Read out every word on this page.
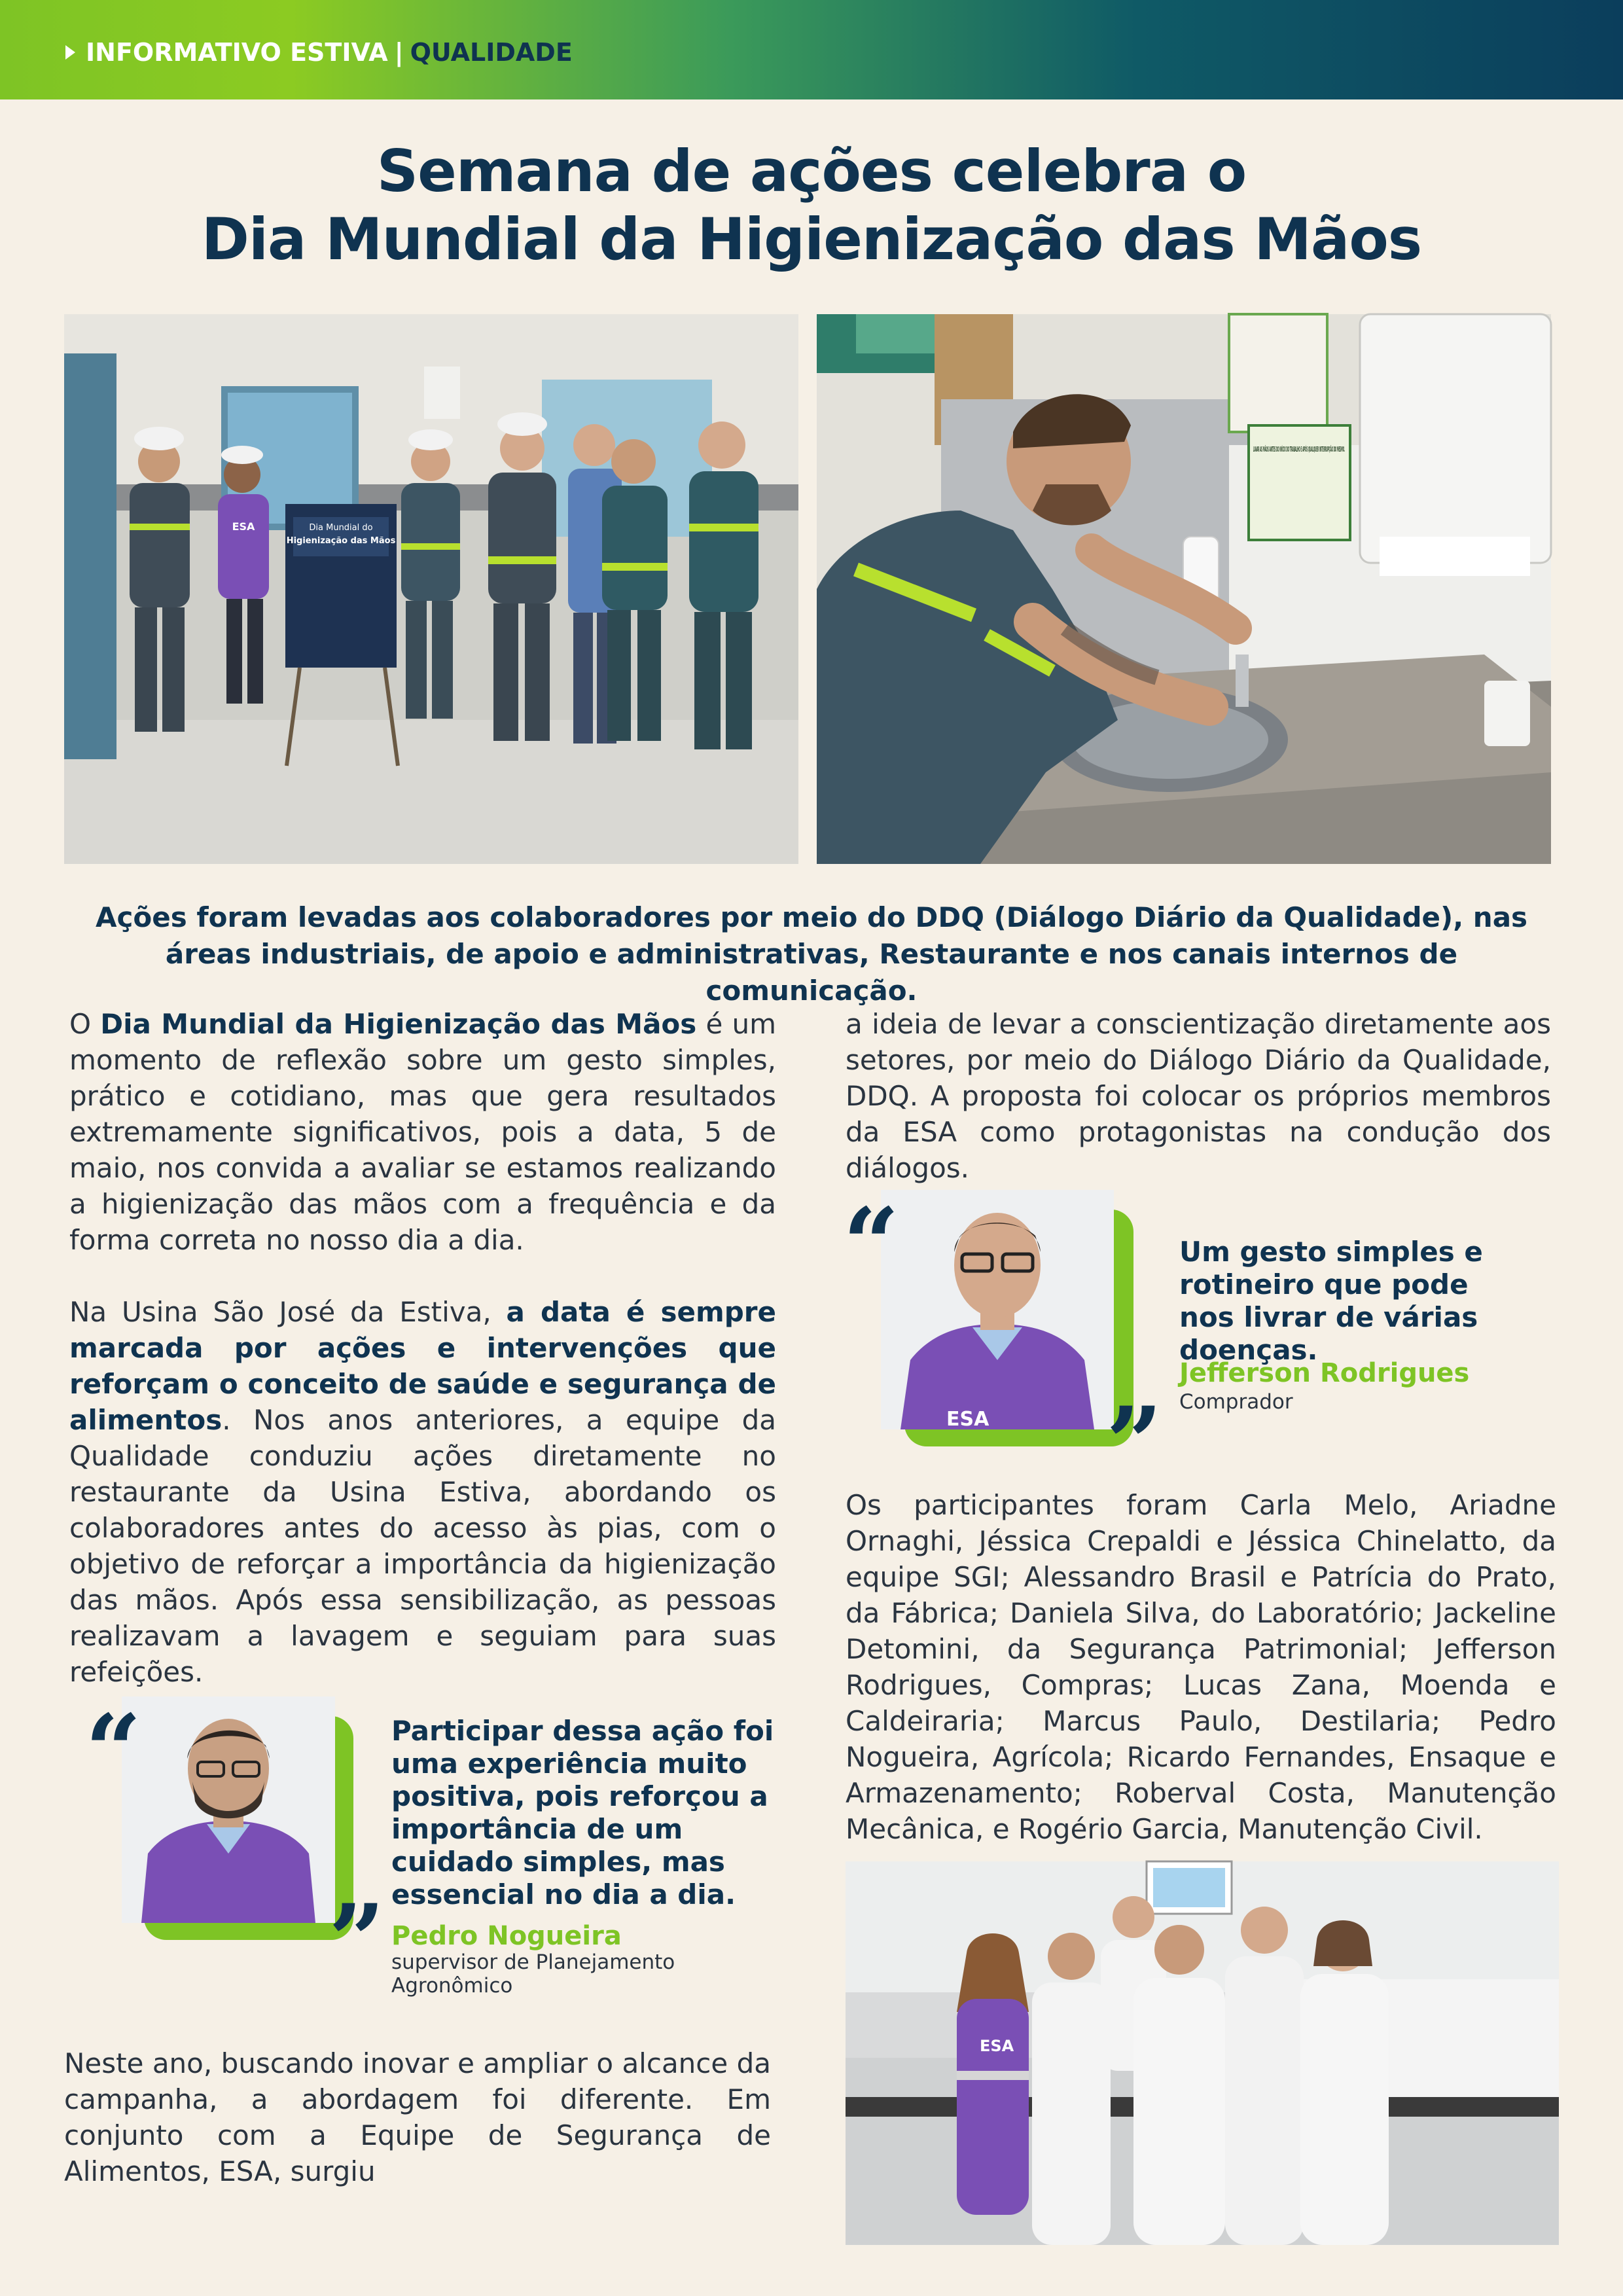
INFORMATIVO ESTIVA | QUALIDADE
Semana de ações celebra o
Dia Mundial da Higienização das Mãos
Dia Mundial do
Higienização das Mãos
ESA
LAVAR AS MÃOS ANTES DO INÍCIO DO TRABALHO E APÓS QUALQUER INTERRUPÇÃO DO MESMO.
Ações foram levadas aos colaboradores por meio do DDQ (Diálogo Diário da Qualidade), nas áreas industriais, de apoio e administrativas, Restaurante e nos canais internos de comunicação.

O Dia Mundial da Higienização das Mãos é um momento de reflexão sobre um gesto simples, prático e cotidiano, mas que gera resultados extremamente significativos, pois a data, 5 de maio, nos convida a avaliar se estamos realizando a higienização das mãos com a frequência e da forma correta no nosso dia a dia.

Na Usina São José da Estiva, a data é sempre marcada por ações e intervenções que reforçam o conceito de saúde e segurança de alimentos. Nos anos anteriores, a equipe da Qualidade conduziu ações diretamente no restaurante da Usina Estiva, abordando os colaboradores antes do acesso às pias, com o objetivo de reforçar a importância da higienização das mãos. Após essa sensibilização, as pessoas realizavam a lavagem e seguiam para suas refeições.

“
”
Participar dessa ação foi uma experiência muito positiva, pois reforçou a importância de um cuidado simples, mas essencial no dia a dia.
Pedro Nogueira
supervisor de Planejamento Agronômico
Neste ano, buscando inovar e ampliar o alcance da campanha, a abordagem foi diferente. Em conjunto com a Equipe de Segurança de Alimentos, ESA, surgiu
a ideia de levar a conscientização diretamente aos setores, por meio do Diálogo Diário da Qualidade, DDQ. A proposta foi colocar os próprios membros da ESA como protagonistas na condução dos diálogos.
ESA
“
”
Um gesto simples e rotineiro que pode nos livrar de várias doenças.
Jefferson Rodrigues
Comprador
Os participantes foram Carla Melo, Ariadne Ornaghi, Jéssica Crepaldi e Jéssica Chinelatto, da equipe SGI; Alessandro Brasil e Patrícia do Prato, da Fábrica; Daniela Silva, do Laboratório; Jackeline Detomini, da Segurança Patrimonial; Jefferson Rodrigues, Compras; Lucas Zana, Moenda e Caldeiraria; Marcus Paulo, Destilaria; Pedro Nogueira, Agrícola; Ricardo Fernandes, Ensaque e Armazenamento; Roberval Costa, Manutenção Mecânica, e Rogério Garcia, Manutenção Civil.
ESA
